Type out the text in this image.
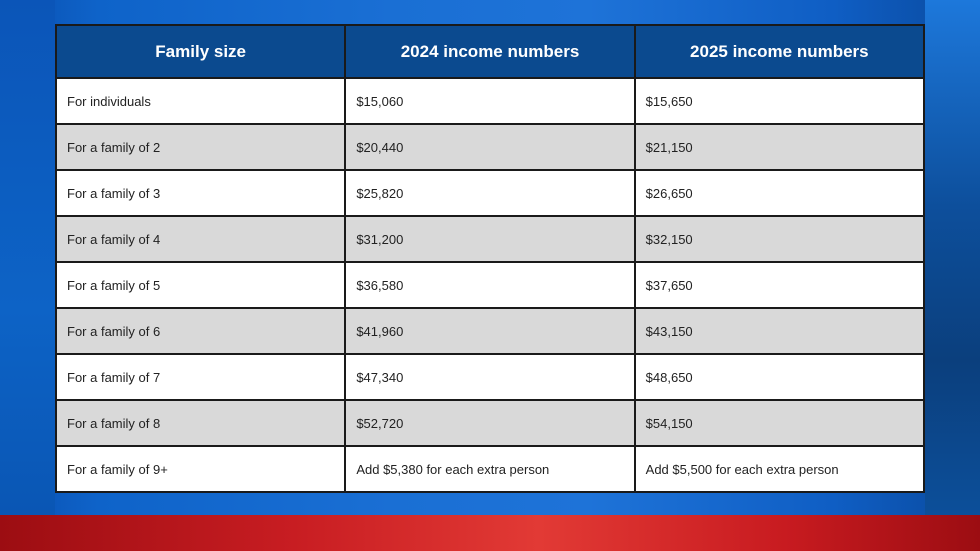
Family size	2024 income numbers	2025 income numbers
For individuals	$15,060	$15,650
For a family of 2	$20,440	$21,150
For a family of 3	$25,820	$26,650
For a family of 4	$31,200	$32,150
For a family of 5	$36,580	$37,650
For a family of 6	$41,960	$43,150
For a family of 7	$47,340	$48,650
For a family of 8	$52,720	$54,150
For a family of 9+	Add $5,380 for each extra person	Add $5,500 for each extra person
